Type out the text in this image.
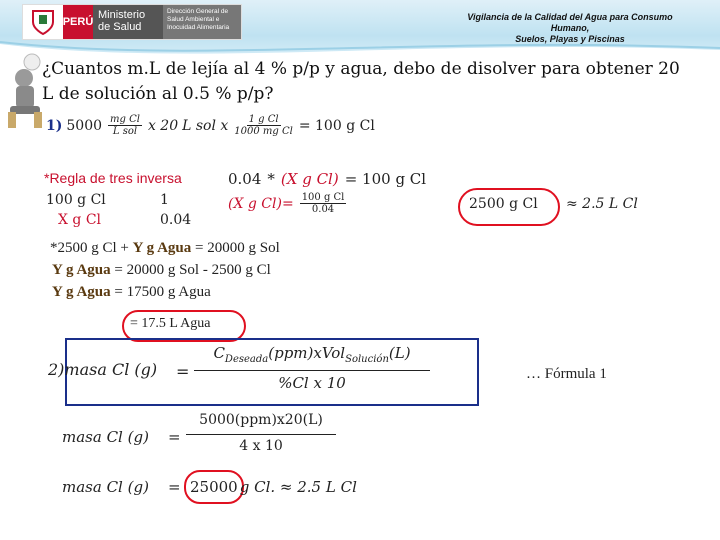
PERÚ
Ministerio de Salud
Dirección General de Salud Ambiental e Inocuidad Alimentaria
Vigilancia de la Calidad del Agua para Consumo Humano,
Suelos, Playas y Piscinas
¿Cuantos m.L de lejía al 4 % p/p y agua, debo de disolver para obtener 20 L de solución al 0.5 % p/p?
1) $5000 \frac{\text{mg Cl}}{\text{L sol}}$ x 20 L sol x $\frac{\text{1 g Cl}}{\text{1000 mg Cl}} = 100$ g Cl
*Regla de tres inversa
100 g Cl	1
X g Cl	0.04
0.04 * (X g Cl) = 100 g Cl
(X g $Cl)= \frac{\text{100 g Cl}}{0.04}$	2500 g Cl ≈ 2.5 L Cl
*2500 g Cl + Y g Agua = 20000 g Sol
Y g Agua = 20000 g Sol - 2500 g Cl
Y g Agua = 17500 g Agua
= 17.5 L Agua
2)masa Cl (g) =
$C_{Deseada}(ppm)xVol_{Solución}(L)$
%Cl x 10	… Fórmula 1
masa Cl (g) =
5000(ppm)x20(L)
4 x 10
masa Cl (g) = 25000 g Cl. ≈ 2.5 L Cl
